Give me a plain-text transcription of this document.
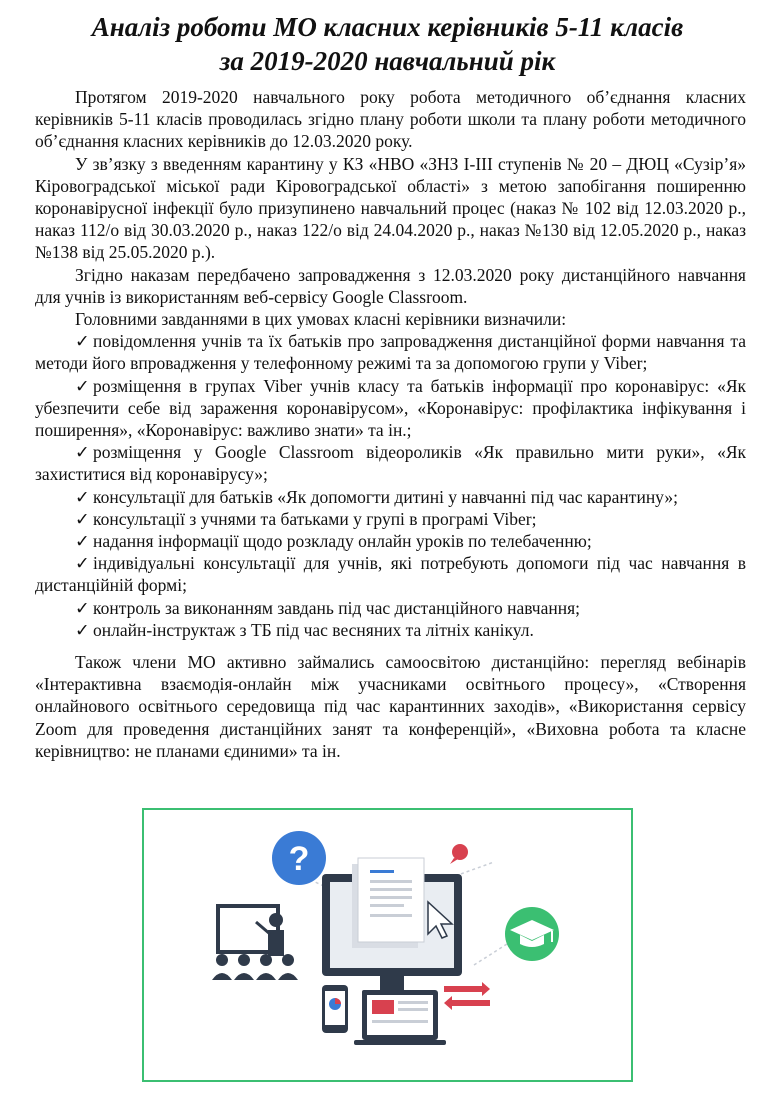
Аналіз роботи МО класних керівників 5-11 класів
за 2019-2020 навчальний рік

Протягом 2019-2020 навчального року робота методичного об’єднання класних керівників 5-11 класів проводилась згідно плану роботи школи та плану роботи методичного об’єднання класних керівників до 12.03.2020 року.

У зв’язку з введенням карантину у КЗ «НВО «ЗНЗ І-ІІІ ступенів № 20 – ДЮЦ «Сузір’я» Кіровоградської міської ради Кіровоградської області» з метою запобігання поширенню коронавірусної інфекції було призупинено навчальний процес (наказ № 102 від 12.03.2020 р., наказ 112/о від 30.03.2020 р., наказ 122/о від 24.04.2020 р., наказ №130 від 12.05.2020 р., наказ №138 від 25.05.2020 р.).

Згідно наказам передбачено запровадження з 12.03.2020 року дистанційного навчання для учнів із використанням веб-сервісу Google Classroom.

Головними завданнями в цих умовах класні керівники визначили:

✓ повідомлення учнів та їх батьків про запровадження дистанційної форми навчання та методи його впровадження у телефонному режимі та за допомогою групи у Viber;

✓ розміщення в групах Viber учнів класу та батьків інформації про коронавірус: «Як убезпечити себе від зараження коронавірусом», «Коронавірус: профілактика інфікування і поширення», «Коронавірус: важливо знати» та ін.;

✓ розміщення у Google Classroom відеороликів «Як правильно мити руки», «Як захиститися від коронавірусу»;

✓ консультації для батьків «Як допомогти дитині у навчанні під час карантину»;

✓ консультації з учнями та батьками у групі в програмі Viber;

✓ надання інформації щодо розкладу онлайн уроків по телебаченню;

✓ індивідуальні консультації для учнів, які потребують допомоги під час навчання в дистанційній формі;

✓ контроль за виконанням завдань під час дистанційного навчання;

✓ онлайн-інструктаж з ТБ під час весняних та літніх канікул.

Також члени МО активно займались самоосвітою дистанційно: перегляд вебінарів «Інтерактивна взаємодія-онлайн між учасниками освітнього процесу», «Створення онлайнового освітнього середовища під час карантинних заходів», «Використання сервісу Zoom для проведення дистанційних занят та конференцій», «Виховна робота та класне керівництво: не планами єдиними» та ін.

?
